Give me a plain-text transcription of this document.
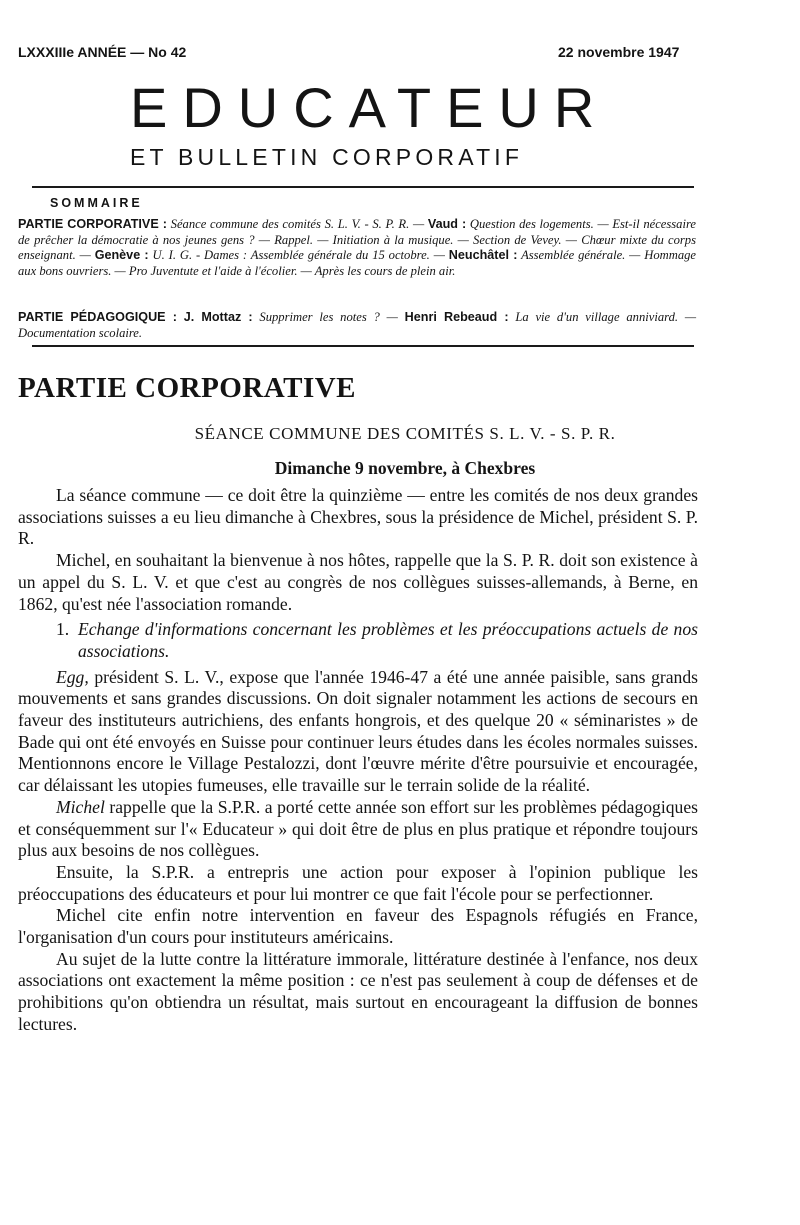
LXXXIIIe ANNÉE — No 42	22 novembre 1947
EDUCATEUR
ET BULLETIN CORPORATIF
SOMMAIRE
PARTIE CORPORATIVE : Séance commune des comités S. L. V. - S. P. R. — Vaud : Question des logements. — Est-il nécessaire de prêcher la démocratie à nos jeunes gens ? — Rappel. — Initiation à la musique. — Section de Vevey. — Chœur mixte du corps enseignant. — Genève : U. I. G. - Dames : Assemblée générale du 15 octobre. — Neuchâtel : Assemblée générale. — Hommage aux bons ouvriers. — Pro Juventute et l'aide à l'écolier. — Après les cours de plein air.
PARTIE PÉDAGOGIQUE : J. Mottaz : Supprimer les notes ? — Henri Rebeaud : La vie d'un village anniviard. — Documentation scolaire.
PARTIE CORPORATIVE
SÉANCE COMMUNE DES COMITÉS S. L. V. - S. P. R.
Dimanche 9 novembre, à Chexbres

La séance commune — ce doit être la quinzième — entre les comités de nos deux grandes associations suisses a eu lieu dimanche à Chexbres, sous la présidence de Michel, président S. P. R.

Michel, en souhaitant la bienvenue à nos hôtes, rappelle que la S. P. R. doit son existence à un appel du S. L. V. et que c'est au congrès de nos collègues suisses-allemands, à Berne, en 1862, qu'est née l'association romande.

1. Echange d'informations concernant les problèmes et les préoccupations actuels de nos associations.

Egg, président S. L. V., expose que l'année 1946-47 a été une année paisible, sans grands mouvements et sans grandes discussions. On doit signaler notamment les actions de secours en faveur des instituteurs autrichiens, des enfants hongrois, et des quelque 20 « séminaristes » de Bade qui ont été envoyés en Suisse pour continuer leurs études dans les écoles normales suisses. Mentionnons encore le Village Pestalozzi, dont l'œuvre mérite d'être poursuivie et encouragée, car délaissant les utopies fumeuses, elle travaille sur le terrain solide de la réalité.

Michel rappelle que la S.P.R. a porté cette année son effort sur les problèmes pédagogiques et conséquemment sur l'« Educateur » qui doit être de plus en plus pratique et répondre toujours plus aux besoins de nos collègues.

Ensuite, la S.P.R. a entrepris une action pour exposer à l'opinion publique les préoccupations des éducateurs et pour lui montrer ce que fait l'école pour se perfectionner.

Michel cite enfin notre intervention en faveur des Espagnols réfugiés en France, l'organisation d'un cours pour instituteurs américains.

Au sujet de la lutte contre la littérature immorale, littérature destinée à l'enfance, nos deux associations ont exactement la même position : ce n'est pas seulement à coup de défenses et de prohibitions qu'on obtiendra un résultat, mais surtout en encourageant la diffusion de bonnes lectures.
